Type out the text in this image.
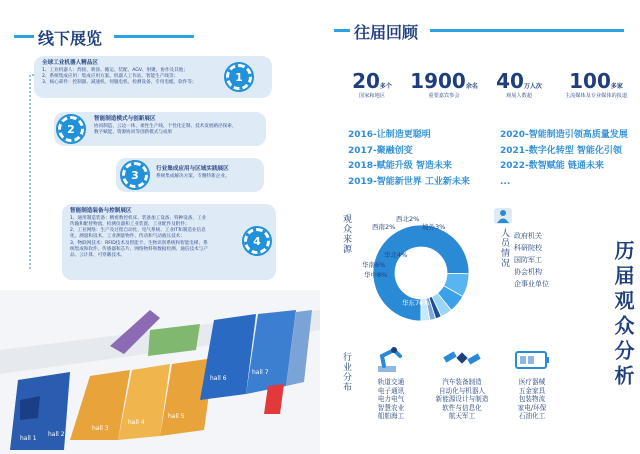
线下展览
全球工业机器人精品区
1、工业机器人：焊接、喷涂、搬运、装配、AGV、射聚、协作及其他；
2、系统集成应用：集成应用方案、机器人工作站、智能生产线等；
3、核心部件：控制器、减速机、伺服电机、检测设备、专用电缆、软件等；	1
智能制造模式与创新展区
协同制造、云边一体、柔性生产线、个性化定制、技术发展路径探索、
数字赋能、资源协同等创新模式与成果
2
行业集成应用与区域实践展区
系统集成解决方案、专精特新企业。
3
智能制造装备与控制展区
1、通用制造装备：精密数控机床、装备加工设备、特种设备、工业
传输和配智物流、检测仪器和工业装置、工业配件及附件；
2、工业网络：生产及过程自动化、电气系统、工业IT和制造业信息
化、测量和技术、工业测量物件、传动和气动液压技术；
3、物联网技术：RFID技术及智能卡、生物识别系统和智能电梯、系
统集成和软件、传感器和芯片、网络物料和数据检测、通信技术与产
品、云计算、可穿戴技术。
4
hall 1
hall 2
hall 3
hall 4
hall 5
hall 6
hall 7
往届回顾
20多个
国家和地区
1900余名
重要嘉宾参会
40万人次
观展人数超
100多家
主流媒体及专业媒体的报道
2016-让制造更聪明
2017-聚融创变
2018-赋能升级 智造未来
2019-智能新世界 工业新未来
2020-智能制造引领高质量发展
2021-数字化转型 智能化引领
2022-数智赋能 链通未来
...
观众来源
华东76%
华中8%
华南6%
华北4%
西南2%
西北2%
境外3%
人员情况 政府机关
科研院校
国防军工
协会机构
企事业单位	历届观众分析
行业分布	轨道交通
电子通讯
电力电气
智慧农业
船舶海工
汽车装备制造
自动化与机器人
新能源设计与制造
软件与信息化
航天军工
医疗器械
五金家具
包装物流
家电/环保
石油化工
